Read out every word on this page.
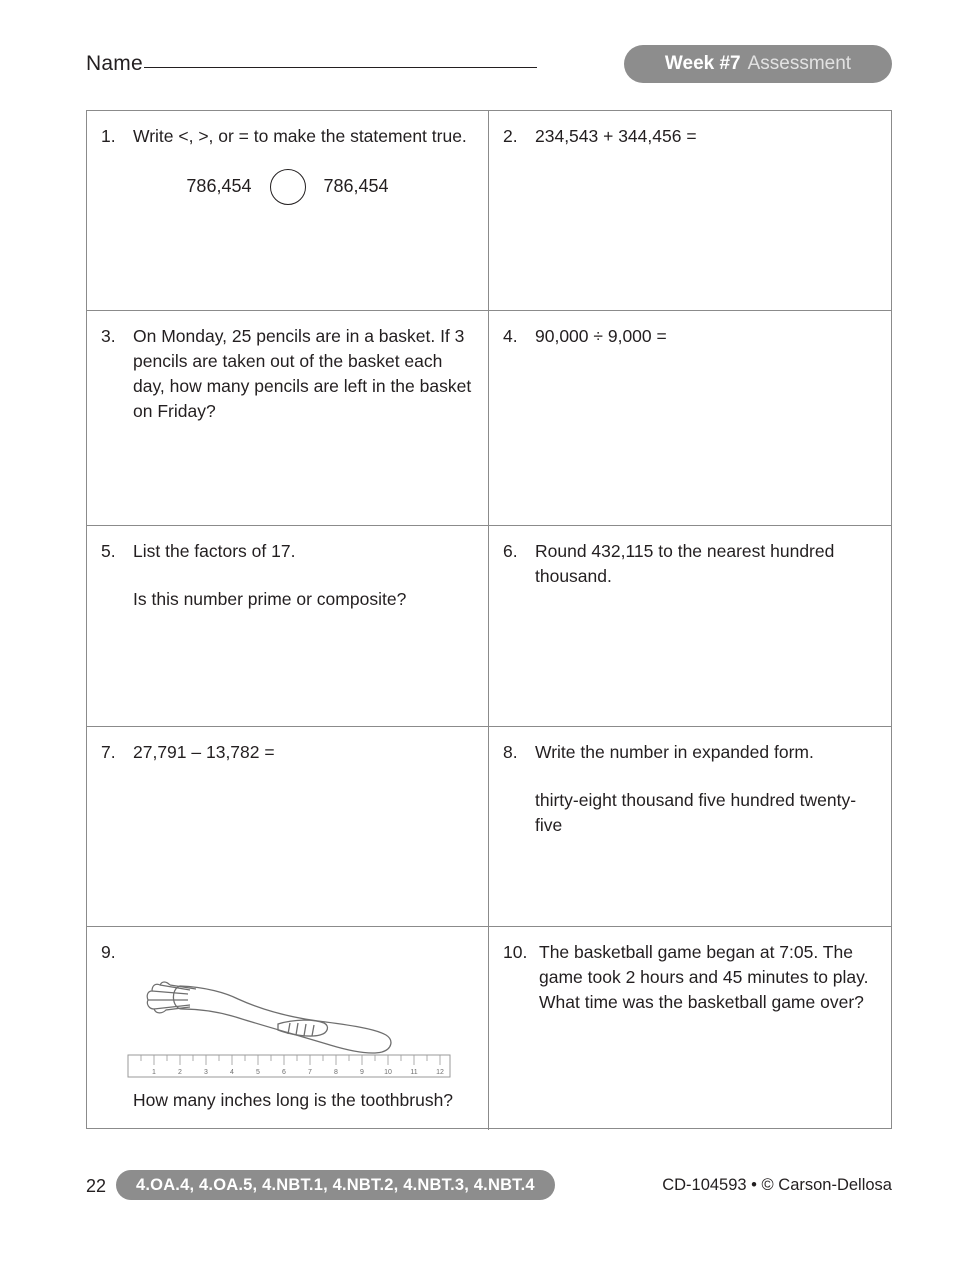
Name	Week #7 Assessment
1. Write <, >, or = to make the statement true.
786,454	786,454
2. 234,543 + 344,456 =
3. On Monday, 25 pencils are in a basket. If 3 pencils are taken out of the basket each day, how many pencils are left in the basket on Friday?
4. 90,000 ÷ 9,000 =
5. List the factors of 17.
Is this number prime or composite?
6. Round 432,115 to the nearest hundred thousand.
7. 27,791 – 13,782 =	8. Write the number in expanded form.
thirty-eight thousand five hundred twenty-five
9.
1	2	3	4	5	6	7	8	9	10	11	12
How many inches long is the toothbrush?
10. The basketball game began at 7:05. The game took 2 hours and 45 minutes to play. What time was the basketball game over?
22	4.OA.4, 4.OA.5, 4.NBT.1, 4.NBT.2, 4.NBT.3, 4.NBT.4	CD-104593 • © Carson-Dellosa
